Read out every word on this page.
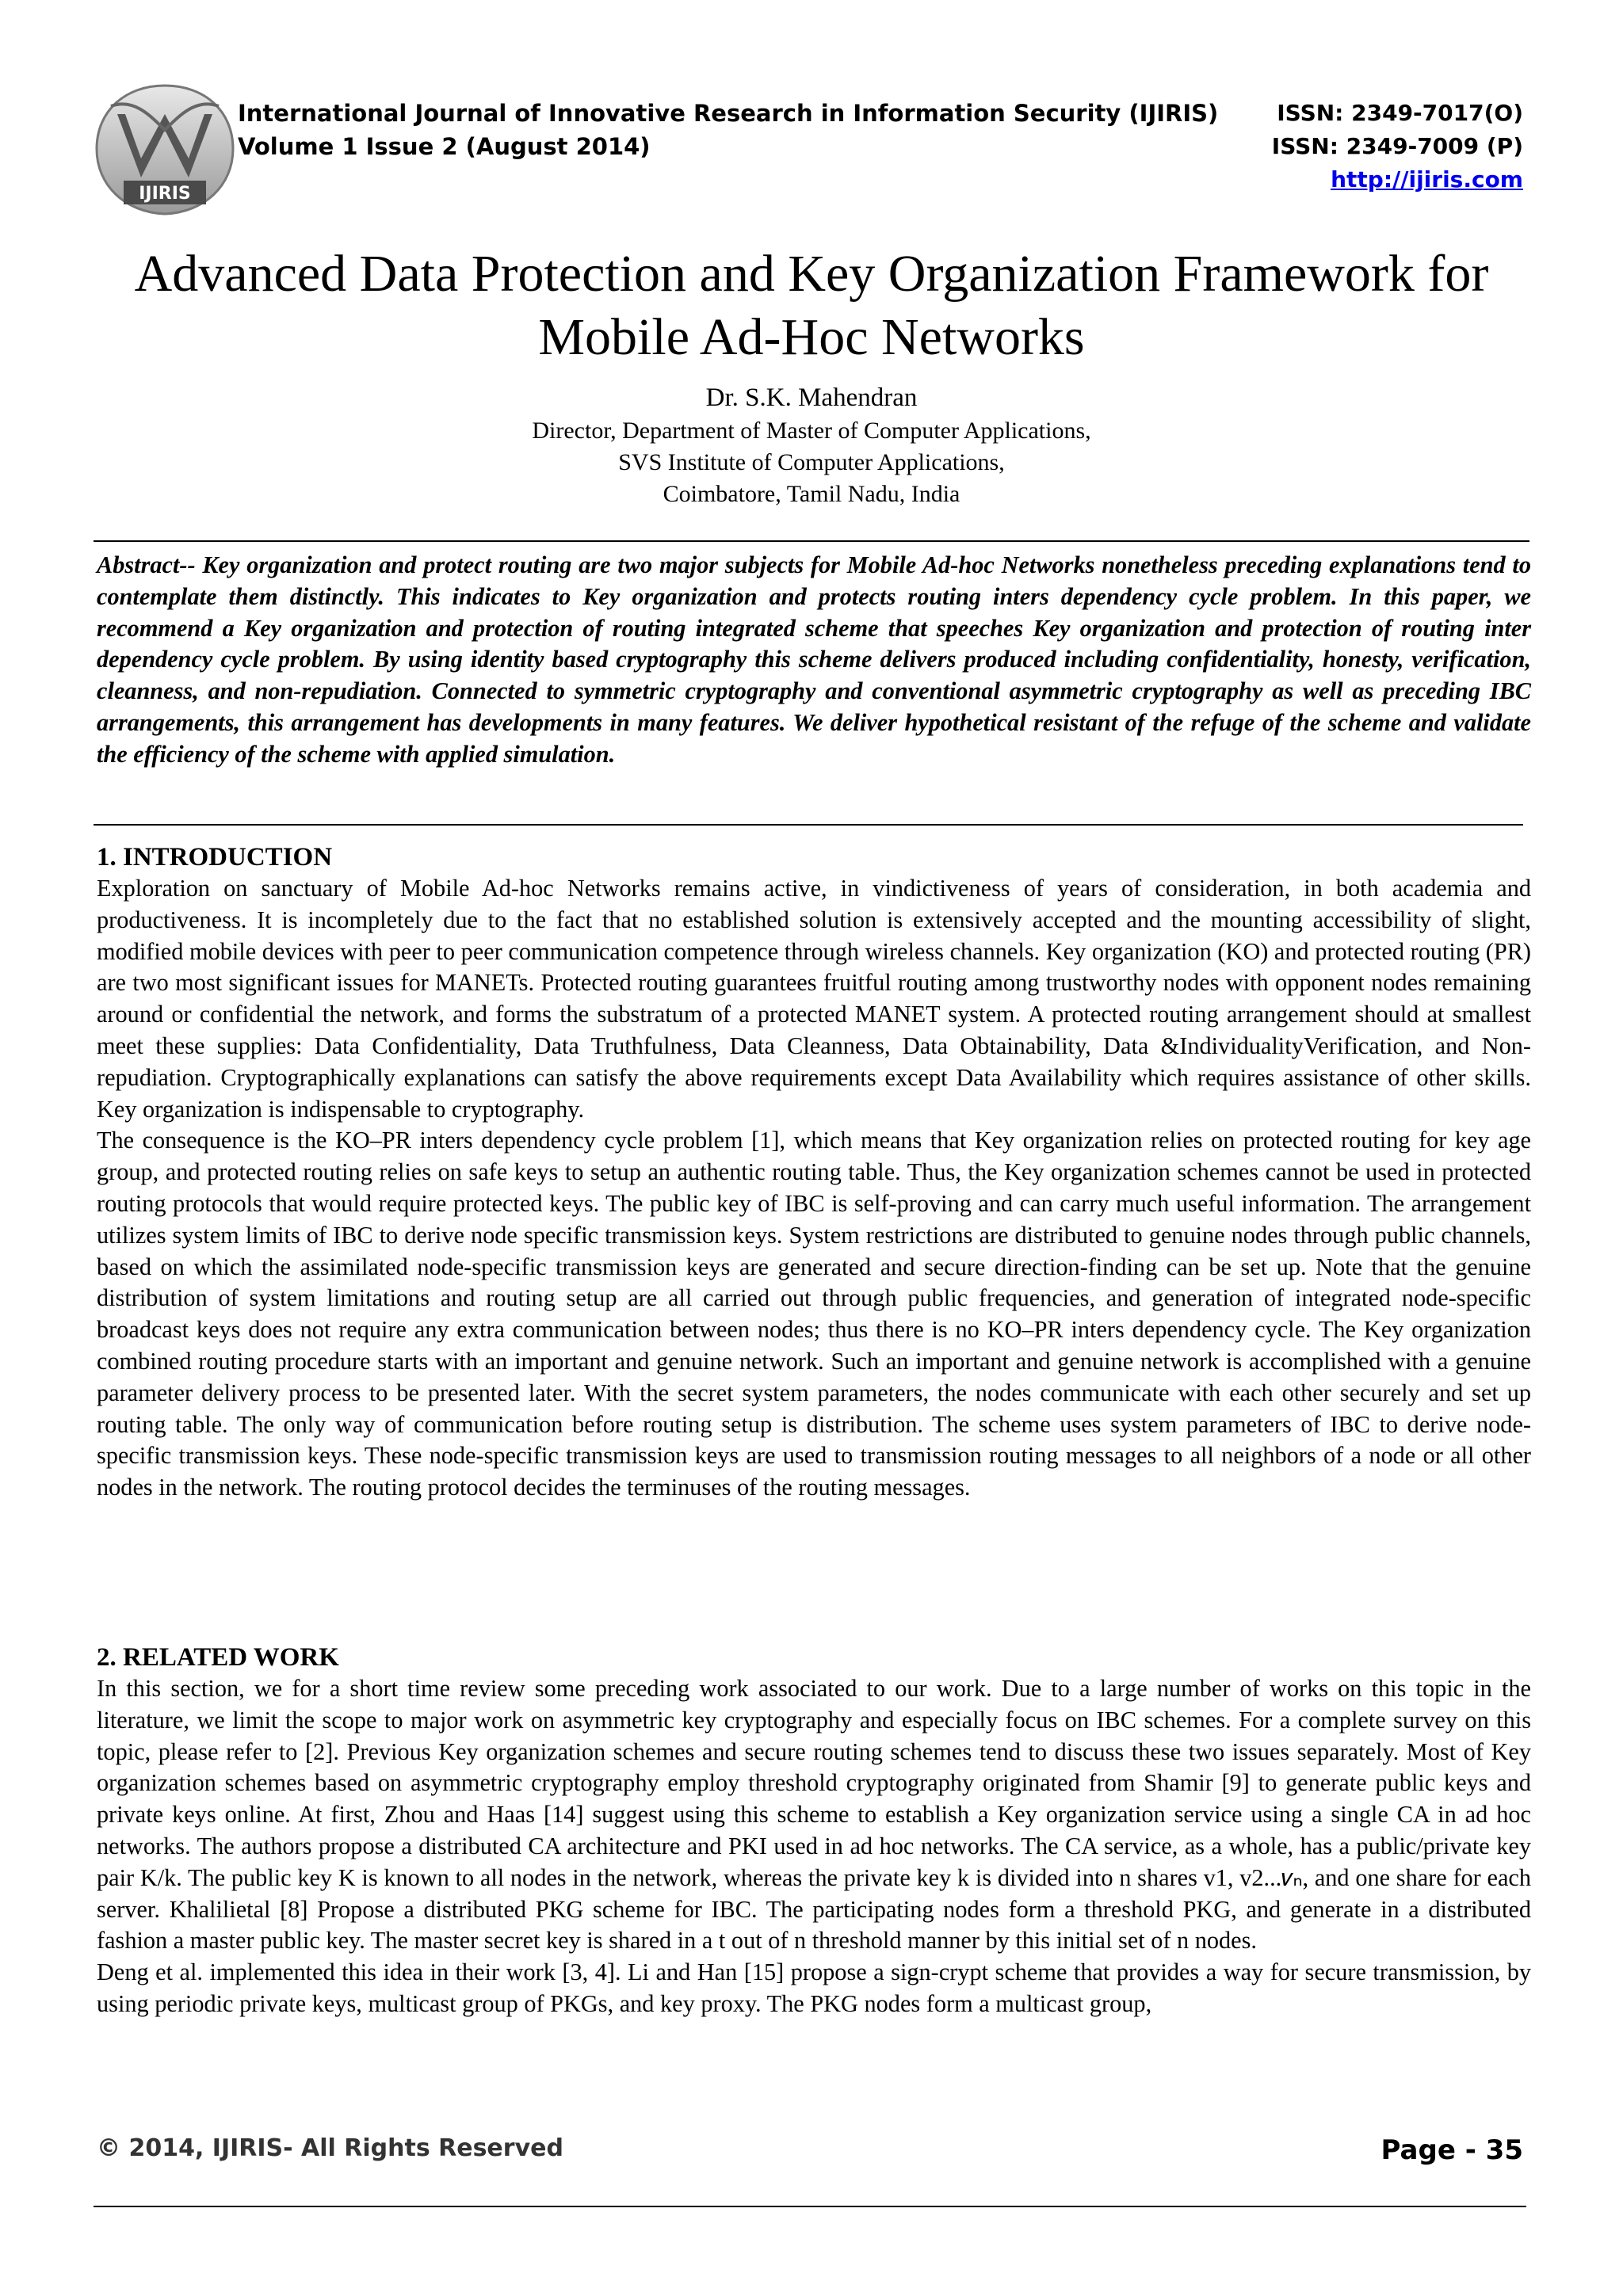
IJIRIS
International Journal of Innovative Research in Information Security (IJIRIS)
Volume 1 Issue 2 (August 2014)
ISSN: 2349-7017(O)
ISSN: 2349-7009 (P)
http://ijiris.com
Advanced Data Protection and Key Organization Framework for
Mobile Ad-Hoc Networks
Dr. S.K. Mahendran
Director, Department of Master of Computer Applications,
SVS Institute of Computer Applications,
Coimbatore, Tamil Nadu, India
Abstract-- Key organization and protect routing are two major subjects for Mobile Ad-hoc Networks nonetheless preceding explanations tend to contemplate them distinctly. This indicates to Key organization and protects routing inters dependency cycle problem. In this paper, we recommend a Key organization and protection of routing integrated scheme that speeches Key organization and protection of routing inter dependency cycle problem. By using identity based cryptography this scheme delivers produced including confidentiality, honesty, verification, cleanness, and non-repudiation. Connected to symmetric cryptography and conventional asymmetric cryptography as well as preceding IBC arrangements, this arrangement has developments in many features. We deliver hypothetical resistant of the refuge of the scheme and validate the efficiency of the scheme with applied simulation.
1. INTRODUCTION

Exploration on sanctuary of Mobile Ad-hoc Networks remains active, in vindictiveness of years of consideration, in both academia and productiveness. It is incompletely due to the fact that no established solution is extensively accepted and the mounting accessibility of slight, modified mobile devices with peer to peer communication competence through wireless channels. Key organization (KO) and protected routing (PR) are two most significant issues for MANETs. Protected routing guarantees fruitful routing among trustworthy nodes with opponent nodes remaining around or confidential the network, and forms the substratum of a protected MANET system. A protected routing arrangement should at smallest meet these supplies: Data Confidentiality, Data Truthfulness, Data Cleanness, Data Obtainability, Data &IndividualityVerification, and Non-repudiation. Cryptographically explanations can satisfy the above requirements except Data Availability which requires assistance of other skills. Key organization is indispensable to cryptography.

The consequence is the KO–PR inters dependency cycle problem [1], which means that Key organization relies on protected routing for key age group, and protected routing relies on safe keys to setup an authentic routing table. Thus, the Key organization schemes cannot be used in protected routing protocols that would require protected keys. The public key of IBC is self-proving and can carry much useful information. The arrangement utilizes system limits of IBC to derive node specific transmission keys. System restrictions are distributed to genuine nodes through public channels, based on which the assimilated node-specific transmission keys are generated and secure direction-finding can be set up. Note that the genuine distribution of system limitations and routing setup are all carried out through public frequencies, and generation of integrated node-specific broadcast keys does not require any extra communication between nodes; thus there is no KO–PR inters dependency cycle. The Key organization combined routing procedure starts with an important and genuine network. Such an important and genuine network is accomplished with a genuine parameter delivery process to be presented later. With the secret system parameters, the nodes communicate with each other securely and set up routing table. The only way of communication before routing setup is distribution. The scheme uses system parameters of IBC to derive node-specific transmission keys. These node-specific transmission keys are used to transmission routing messages to all neighbors of a node or all other nodes in the network. The routing protocol decides the terminuses of the routing messages.

2. RELATED WORK

In this section, we for a short time review some preceding work associated to our work. Due to a large number of works on this topic in the literature, we limit the scope to major work on asymmetric key cryptography and especially focus on IBC schemes. For a complete survey on this topic, please refer to [2]. Previous Key organization schemes and secure routing schemes tend to discuss these two issues separately. Most of Key organization schemes based on asymmetric cryptography employ threshold cryptography originated from Shamir [9] to generate public keys and private keys online. At first, Zhou and Haas [14] suggest using this scheme to establish a Key organization service using a single CA in ad hoc networks. The authors propose a distributed CA architecture and PKI used in ad hoc networks. The CA service, as a whole, has a public/private key pair K/k. The public key K is known to all nodes in the network, whereas the private key k is divided into n shares v1, v2...𝑣ₙ, and one share for each server. Khalilietal [8] Propose a distributed PKG scheme for IBC. The participating nodes form a threshold PKG, and generate in a distributed fashion a master public key. The master secret key is shared in a t out of n threshold manner by this initial set of n nodes.

Deng et al. implemented this idea in their work [3, 4]. Li and Han [15] propose a sign-crypt scheme that provides a way for secure transmission, by using periodic private keys, multicast group of PKGs, and key proxy. The PKG nodes form a multicast group,

© 2014, IJIRIS- All Rights Reserved	Page - 35
